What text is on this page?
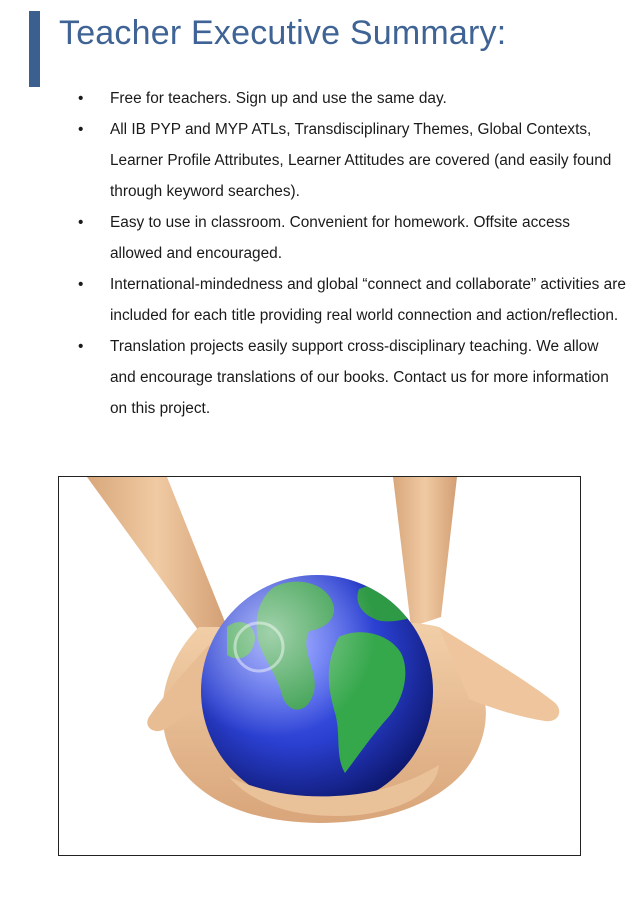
Teacher Executive Summary:
• Free for teachers. Sign up and use the same day.
• All IB PYP and MYP ATLs, Transdisciplinary Themes, Global Contexts, Learner Profile Attributes, Learner Attitudes are covered (and easily found through keyword searches).
• Easy to use in classroom. Convenient for homework. Offsite access allowed and encouraged.
• International-mindedness and global “connect and collaborate” activities are included for each title providing real world connection and action/reflection.
• Translation projects easily support cross-disciplinary teaching. We allow and encourage translations of our books. Contact us for more information on this project.
